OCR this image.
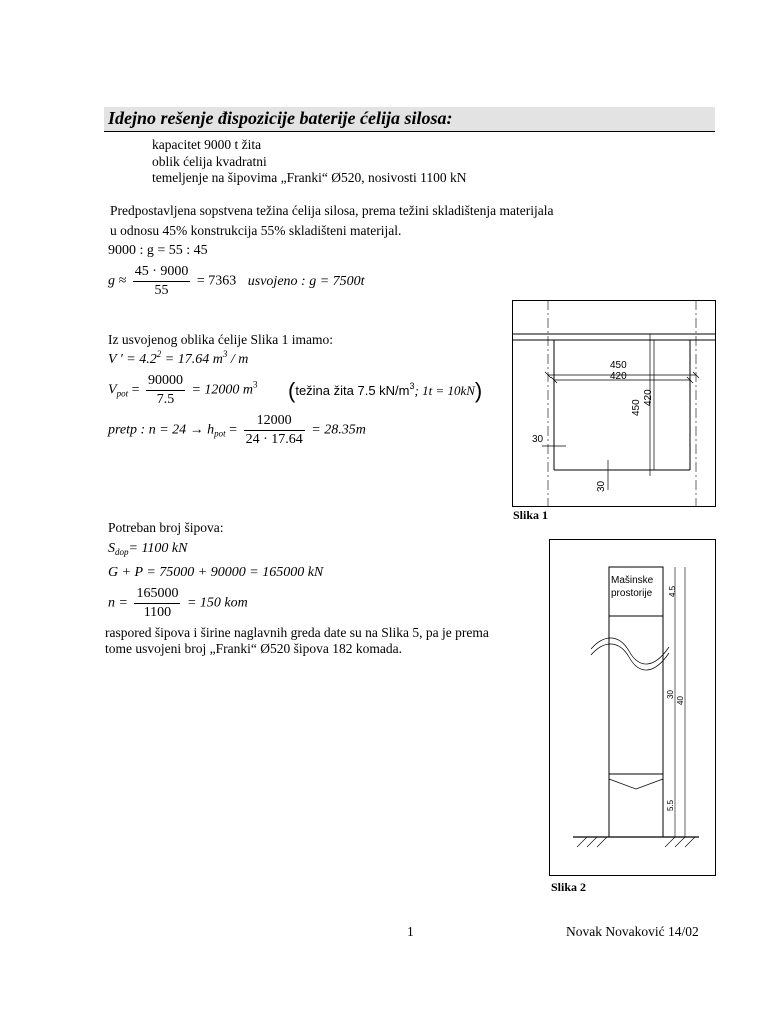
Idejno rešenje đispozicije baterije ćelija silosa:
kapacitet 9000 t žita
oblik ćelija kvadratni
temeljenje na šipovima „Franki“ Ø520, nosivosti 1100 kN
Predpostavljena sopstvena težina ćelija silosa, prema težini skladištenja materijala
u odnosu 45% konstrukcija 55% skladišteni materijal.
9000 : g = 55 : 45
$g \approx \frac{45 \cdot 9000}{55} = 7363$ usvojeno : g = 7500t
Iz usvojenog oblika ćelije Slika 1 imamo:
V ' = $4.2^2 = 17.64$ $m^3$ / m
$V_{pot} = \frac{90000}{7.5} = 12000$ $m^3$ (težina žita 7.5 $kN/m^3$; 1t = 10kN)
pretp : $n = 24 \to h_{pot} = \frac{12000}{24 \cdot 17.64} = 28.35m$
Potreban broj šipova:
$S_{dop}= 1100$ kN
G + P = 75000 + 90000 = 165000 kN
$n = \frac{165000}{1100} = 150$ kom
raspored šipova i širine naglavnih greda date su na Slika 5, pa je prema
tome usvojeni broj „Franki“ Ø520 šipova 182 komada.
450
420
450
420
30
30
Slika 1
Mašinske
prostorije 4.5
30
40
5.5
Slika 2
1	Novak Novaković 14/02
